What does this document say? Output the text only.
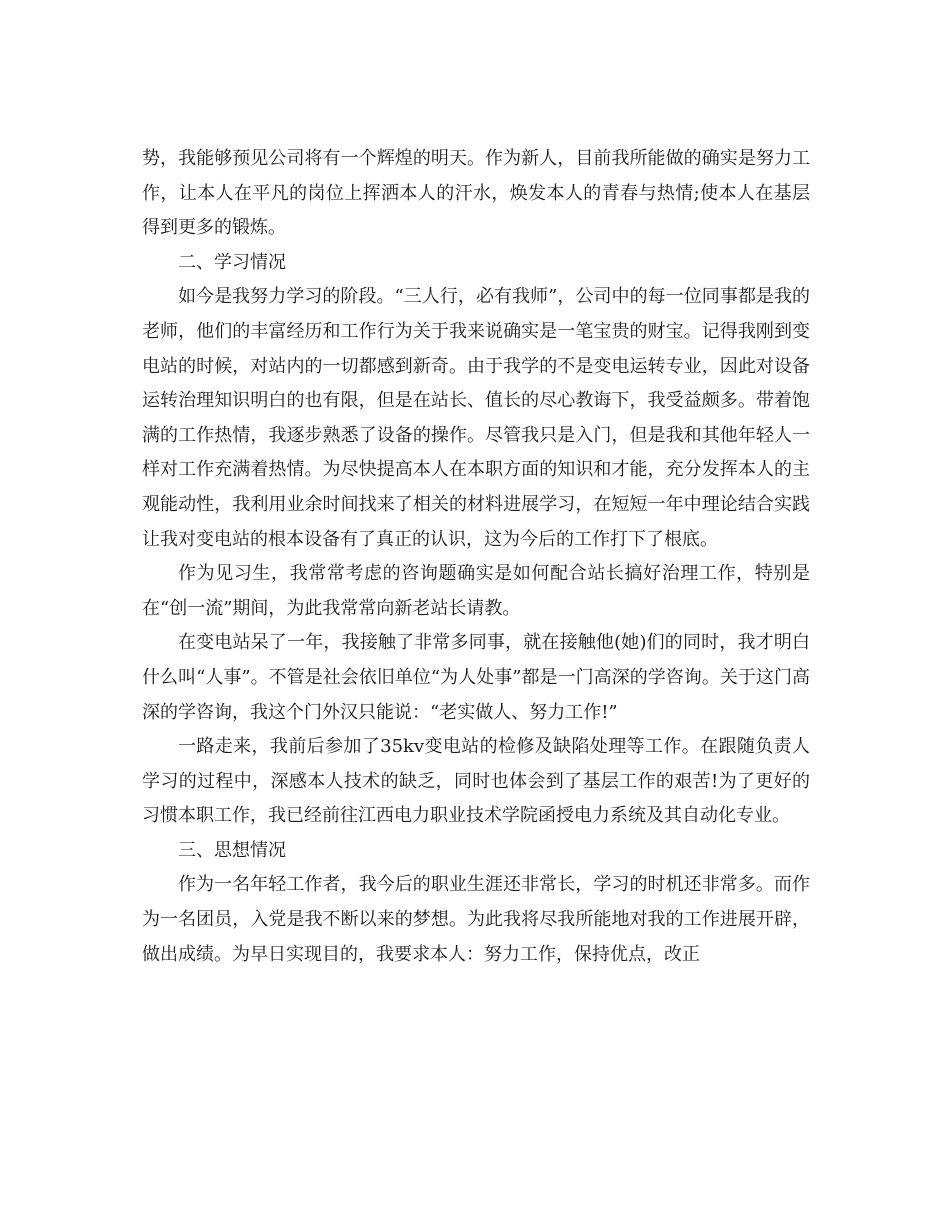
势，我能够预见公司将有一个辉煌的明天。作为新人，目前我所能做的确实是努力工作，让本人在平凡的岗位上挥洒本人的汗水，焕发本人的青春与热情;使本人在基层得到更多的锻炼。

二、学习情况

如今是我努力学习的阶段。“三人行，必有我师”，公司中的每一位同事都是我的老师，他们的丰富经历和工作行为关于我来说确实是一笔宝贵的财宝。记得我刚到变电站的时候，对站内的一切都感到新奇。由于我学的不是变电运转专业，因此对设备运转治理知识明白的也有限，但是在站长、值长的尽心教诲下，我受益颇多。带着饱满的工作热情，我逐步熟悉了设备的操作。尽管我只是入门，但是我和其他年轻人一样对工作充满着热情。为尽快提高本人在本职方面的知识和才能，充分发挥本人的主观能动性，我利用业余时间找来了相关的材料进展学习，在短短一年中理论结合实践让我对变电站的根本设备有了真正的认识，这为今后的工作打下了根底。

作为见习生，我常常考虑的咨询题确实是如何配合站长搞好治理工作，特别是在“创一流”期间，为此我常常向新老站长请教。

在变电站呆了一年，我接触了非常多同事，就在接触他(她)们的同时，我才明白什么叫“人事”。不管是社会依旧单位“为人处事”都是一门高深的学咨询。关于这门高深的学咨询，我这个门外汉只能说：“老实做人、努力工作!”

一路走来，我前后参加了35kv变电站的检修及缺陷处理等工作。在跟随负责人学习的过程中，深感本人技术的缺乏，同时也体会到了基层工作的艰苦!为了更好的习惯本职工作，我已经前往江西电力职业技术学院函授电力系统及其自动化专业。

三、思想情况

作为一名年轻工作者，我今后的职业生涯还非常长，学习的时机还非常多。而作为一名团员，入党是我不断以来的梦想。为此我将尽我所能地对我的工作进展开辟，做出成绩。为早日实现目的，我要求本人：努力工作，保持优点，改正
